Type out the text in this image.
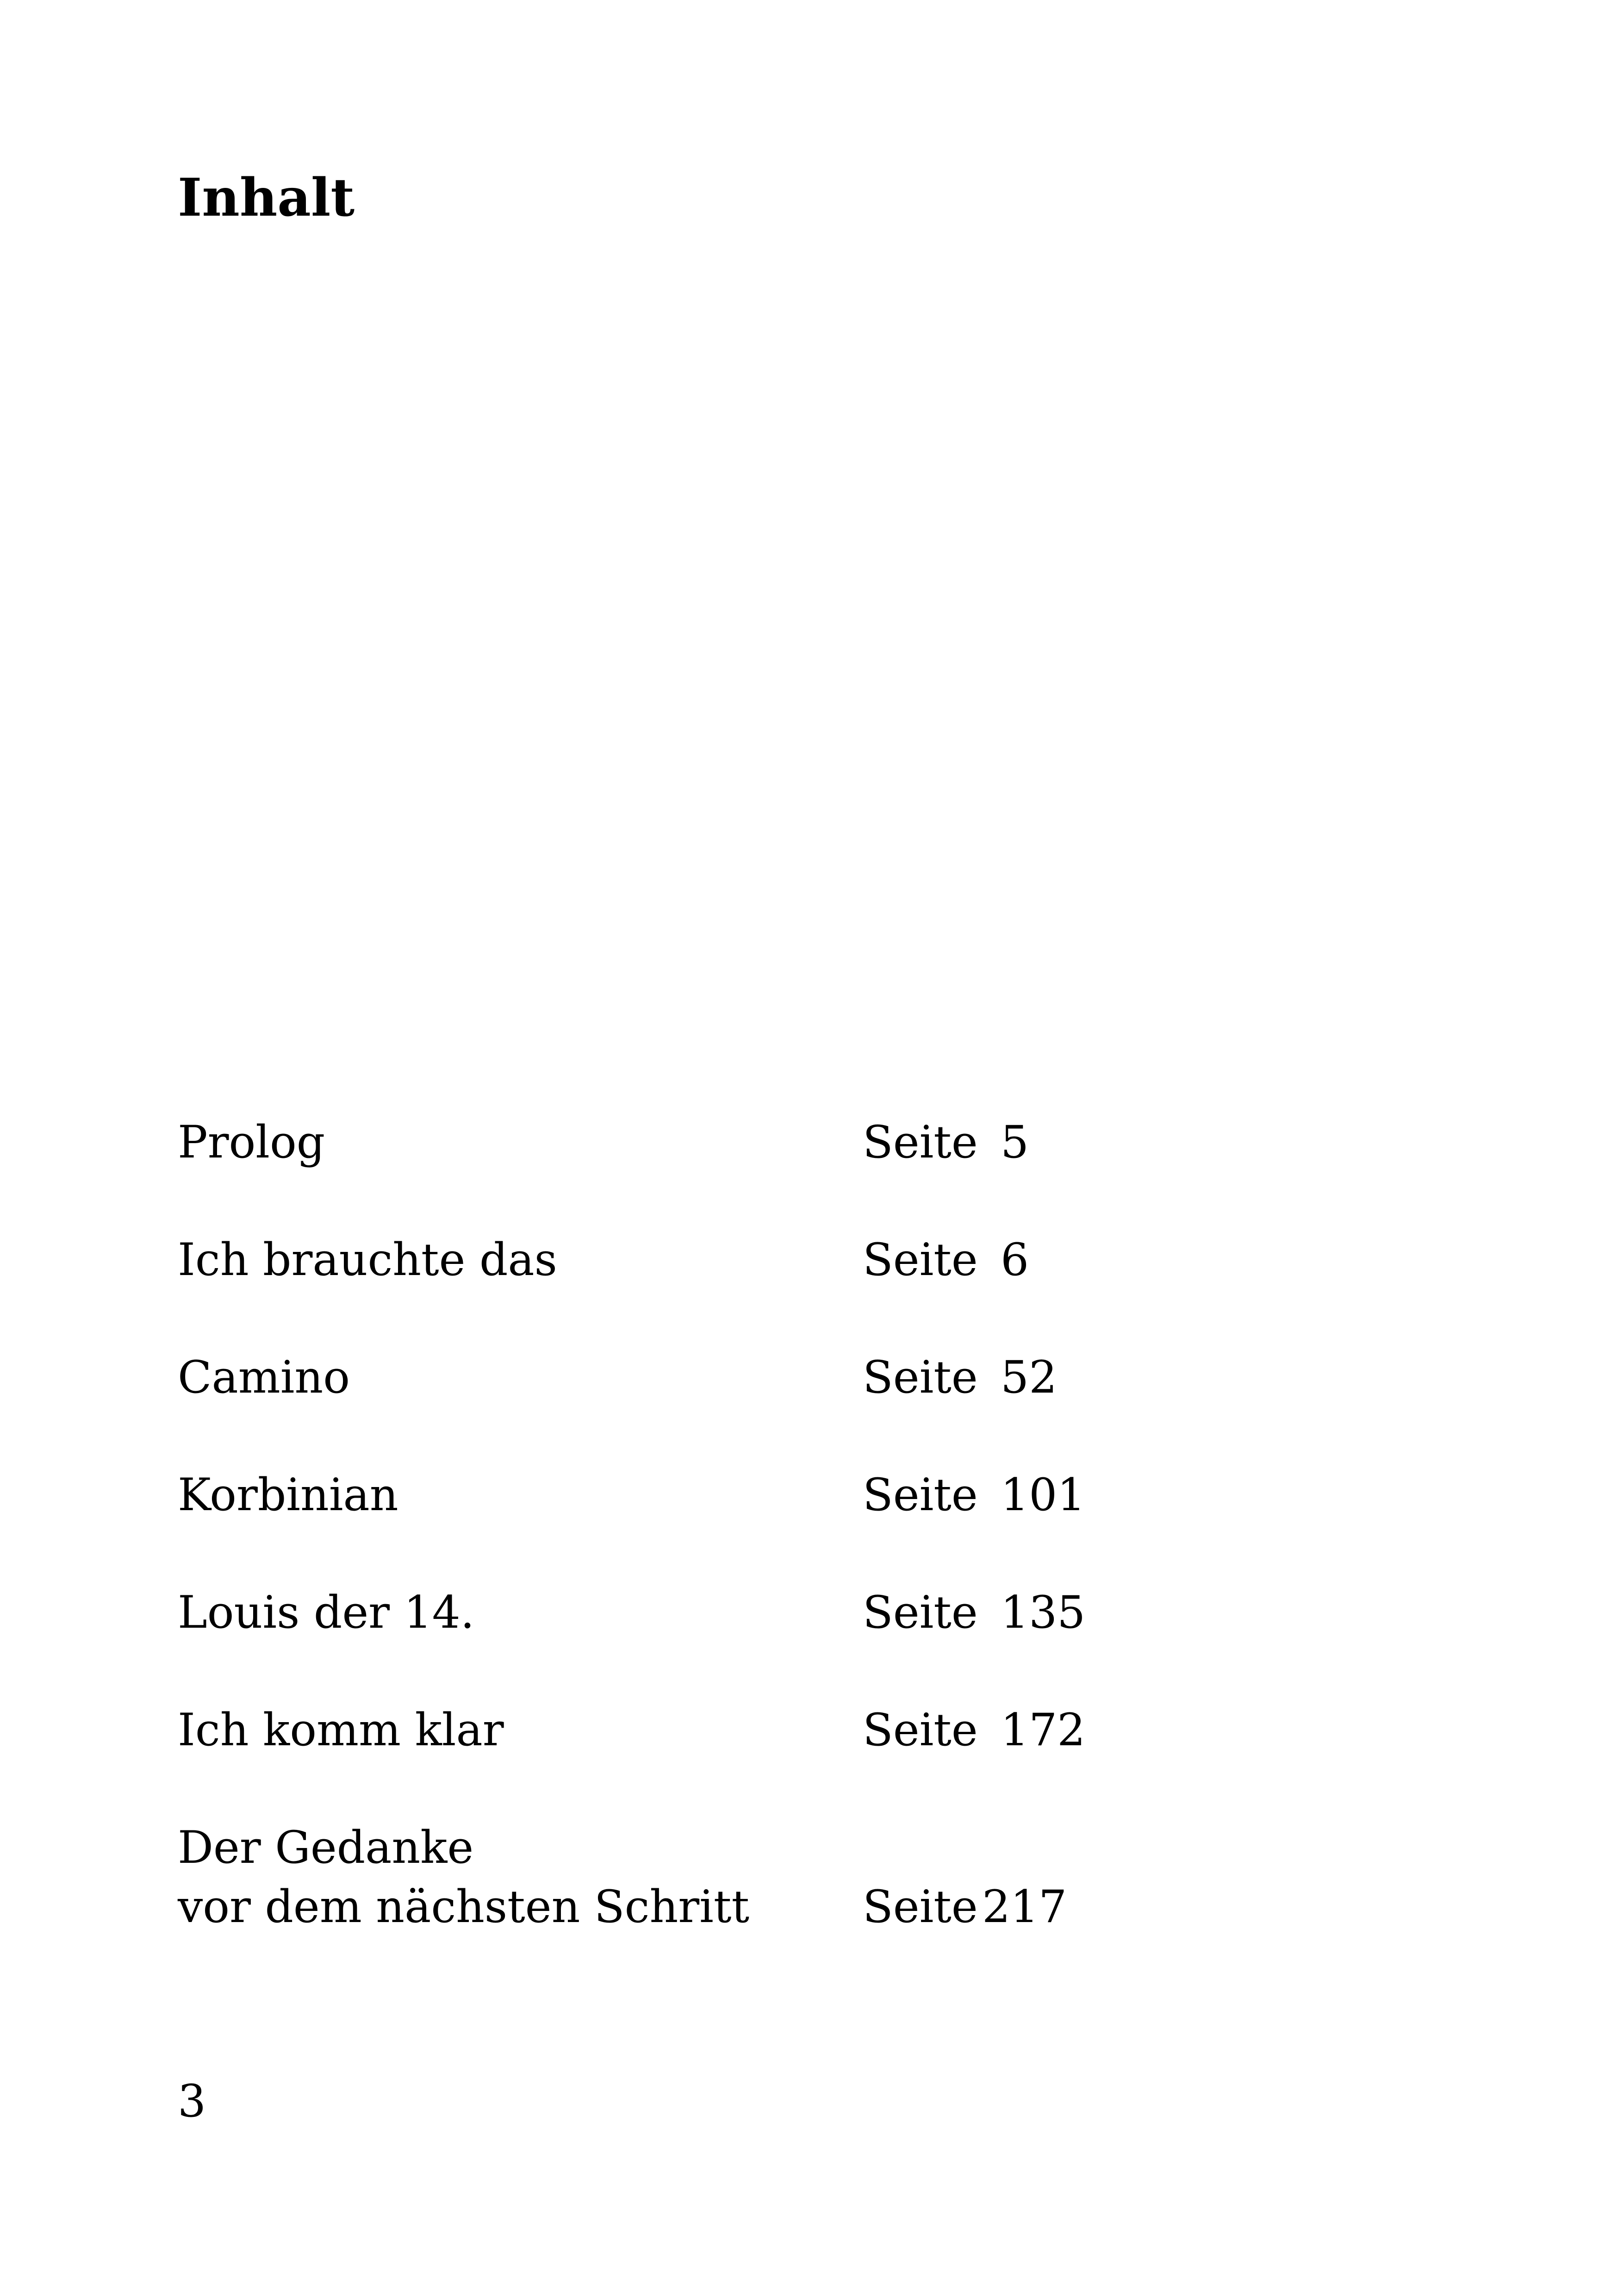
Inhalt
Prolog	Seite 5
Ich brauchte das	Seite 6
Camino	Seite 52
Korbinian	Seite 101
Louis der 14.	Seite 135
Ich komm klar	Seite 172
Der Gedanke
vor dem nächsten Schritt	Seite 217
3
